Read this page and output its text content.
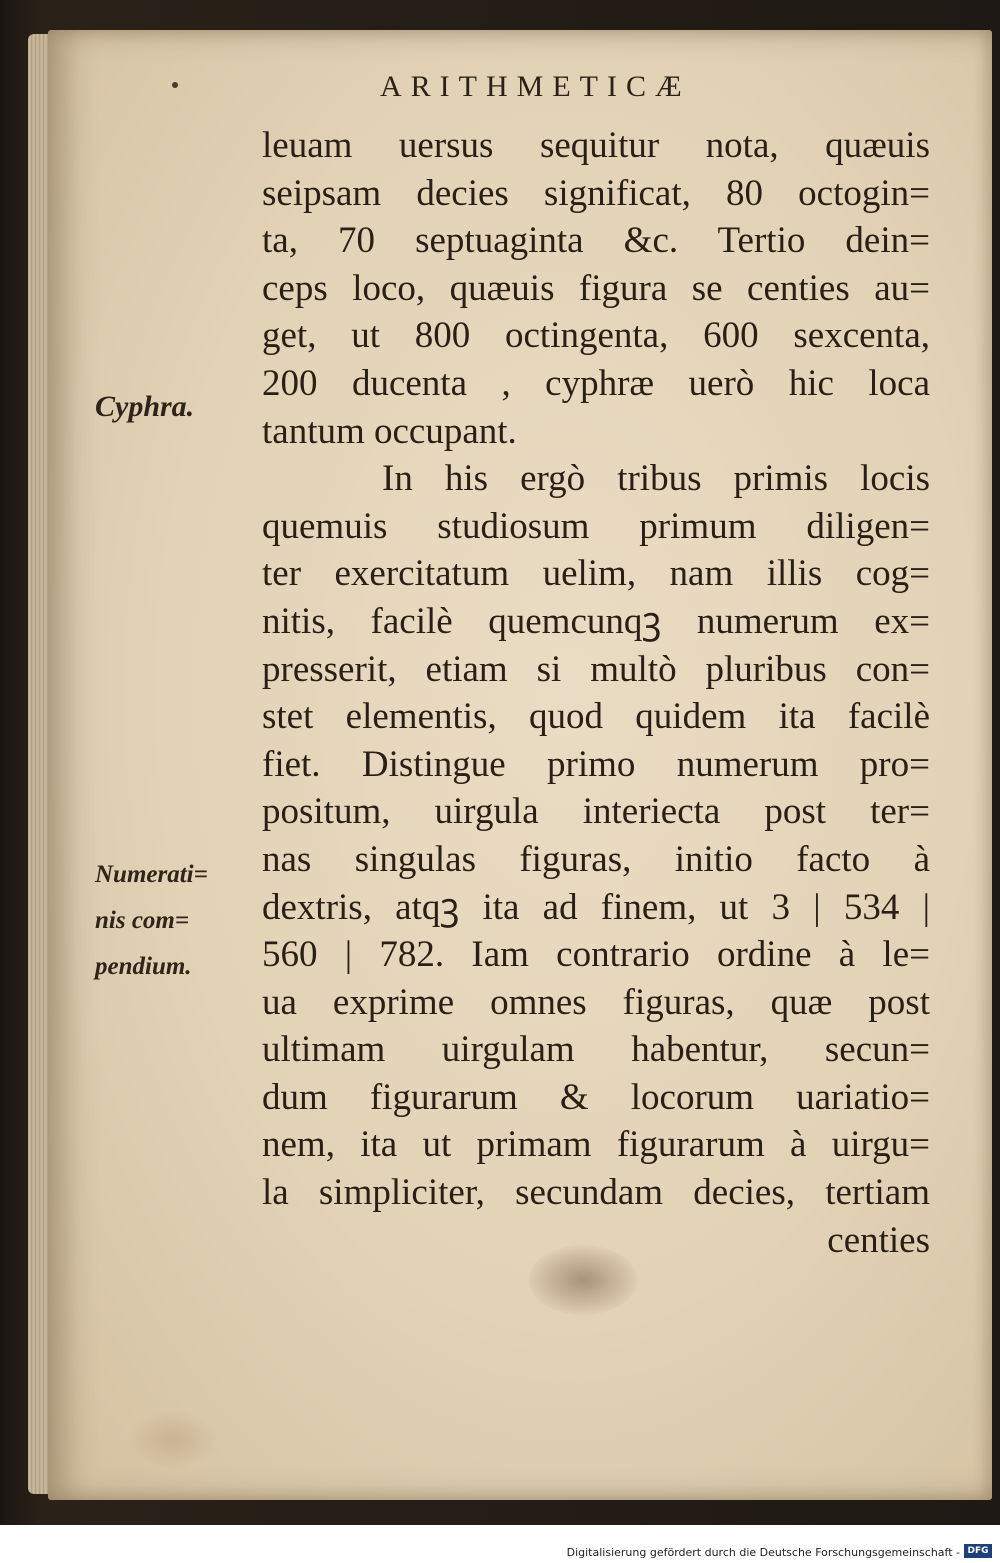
ARITHMETICÆ
Cyphra.
Numerati=
nis com=
pendium.
leuam uersus sequitur nota, quæuis
seipsam decies significat, 80 octogin=
ta, 70 septuaginta &c. Tertio dein=
ceps loco, quæuis figura se centies au=
get, ut 800 octingenta, 600 sexcenta,
200 ducenta , cyphræ uerò hic loca
tantum occupant.
In his ergò tribus primis locis
quemuis studiosum primum diligen=
ter exercitatum uelim, nam illis cog=
nitis, facilè quemcunqꝫ numerum ex=
presserit, etiam si multò pluribus con=
stet elementis, quod quidem ita facilè
fiet. Distingue primo numerum pro=
positum, uirgula interiecta post ter=
nas singulas figuras, initio facto à
dextris, atqꝫ ita ad finem, ut 3 | 534 |
560 | 782. Iam contrario ordine à le=
ua exprime omnes figuras, quæ post
ultimam uirgulam habentur, secun=
dum figurarum & locorum uariatio=
nem, ita ut primam figurarum à uirgu=
la simpliciter, secundam decies, tertiam
centies
Digitalisierung gefördert durch die Deutsche Forschungsgemeinschaft - DFG
